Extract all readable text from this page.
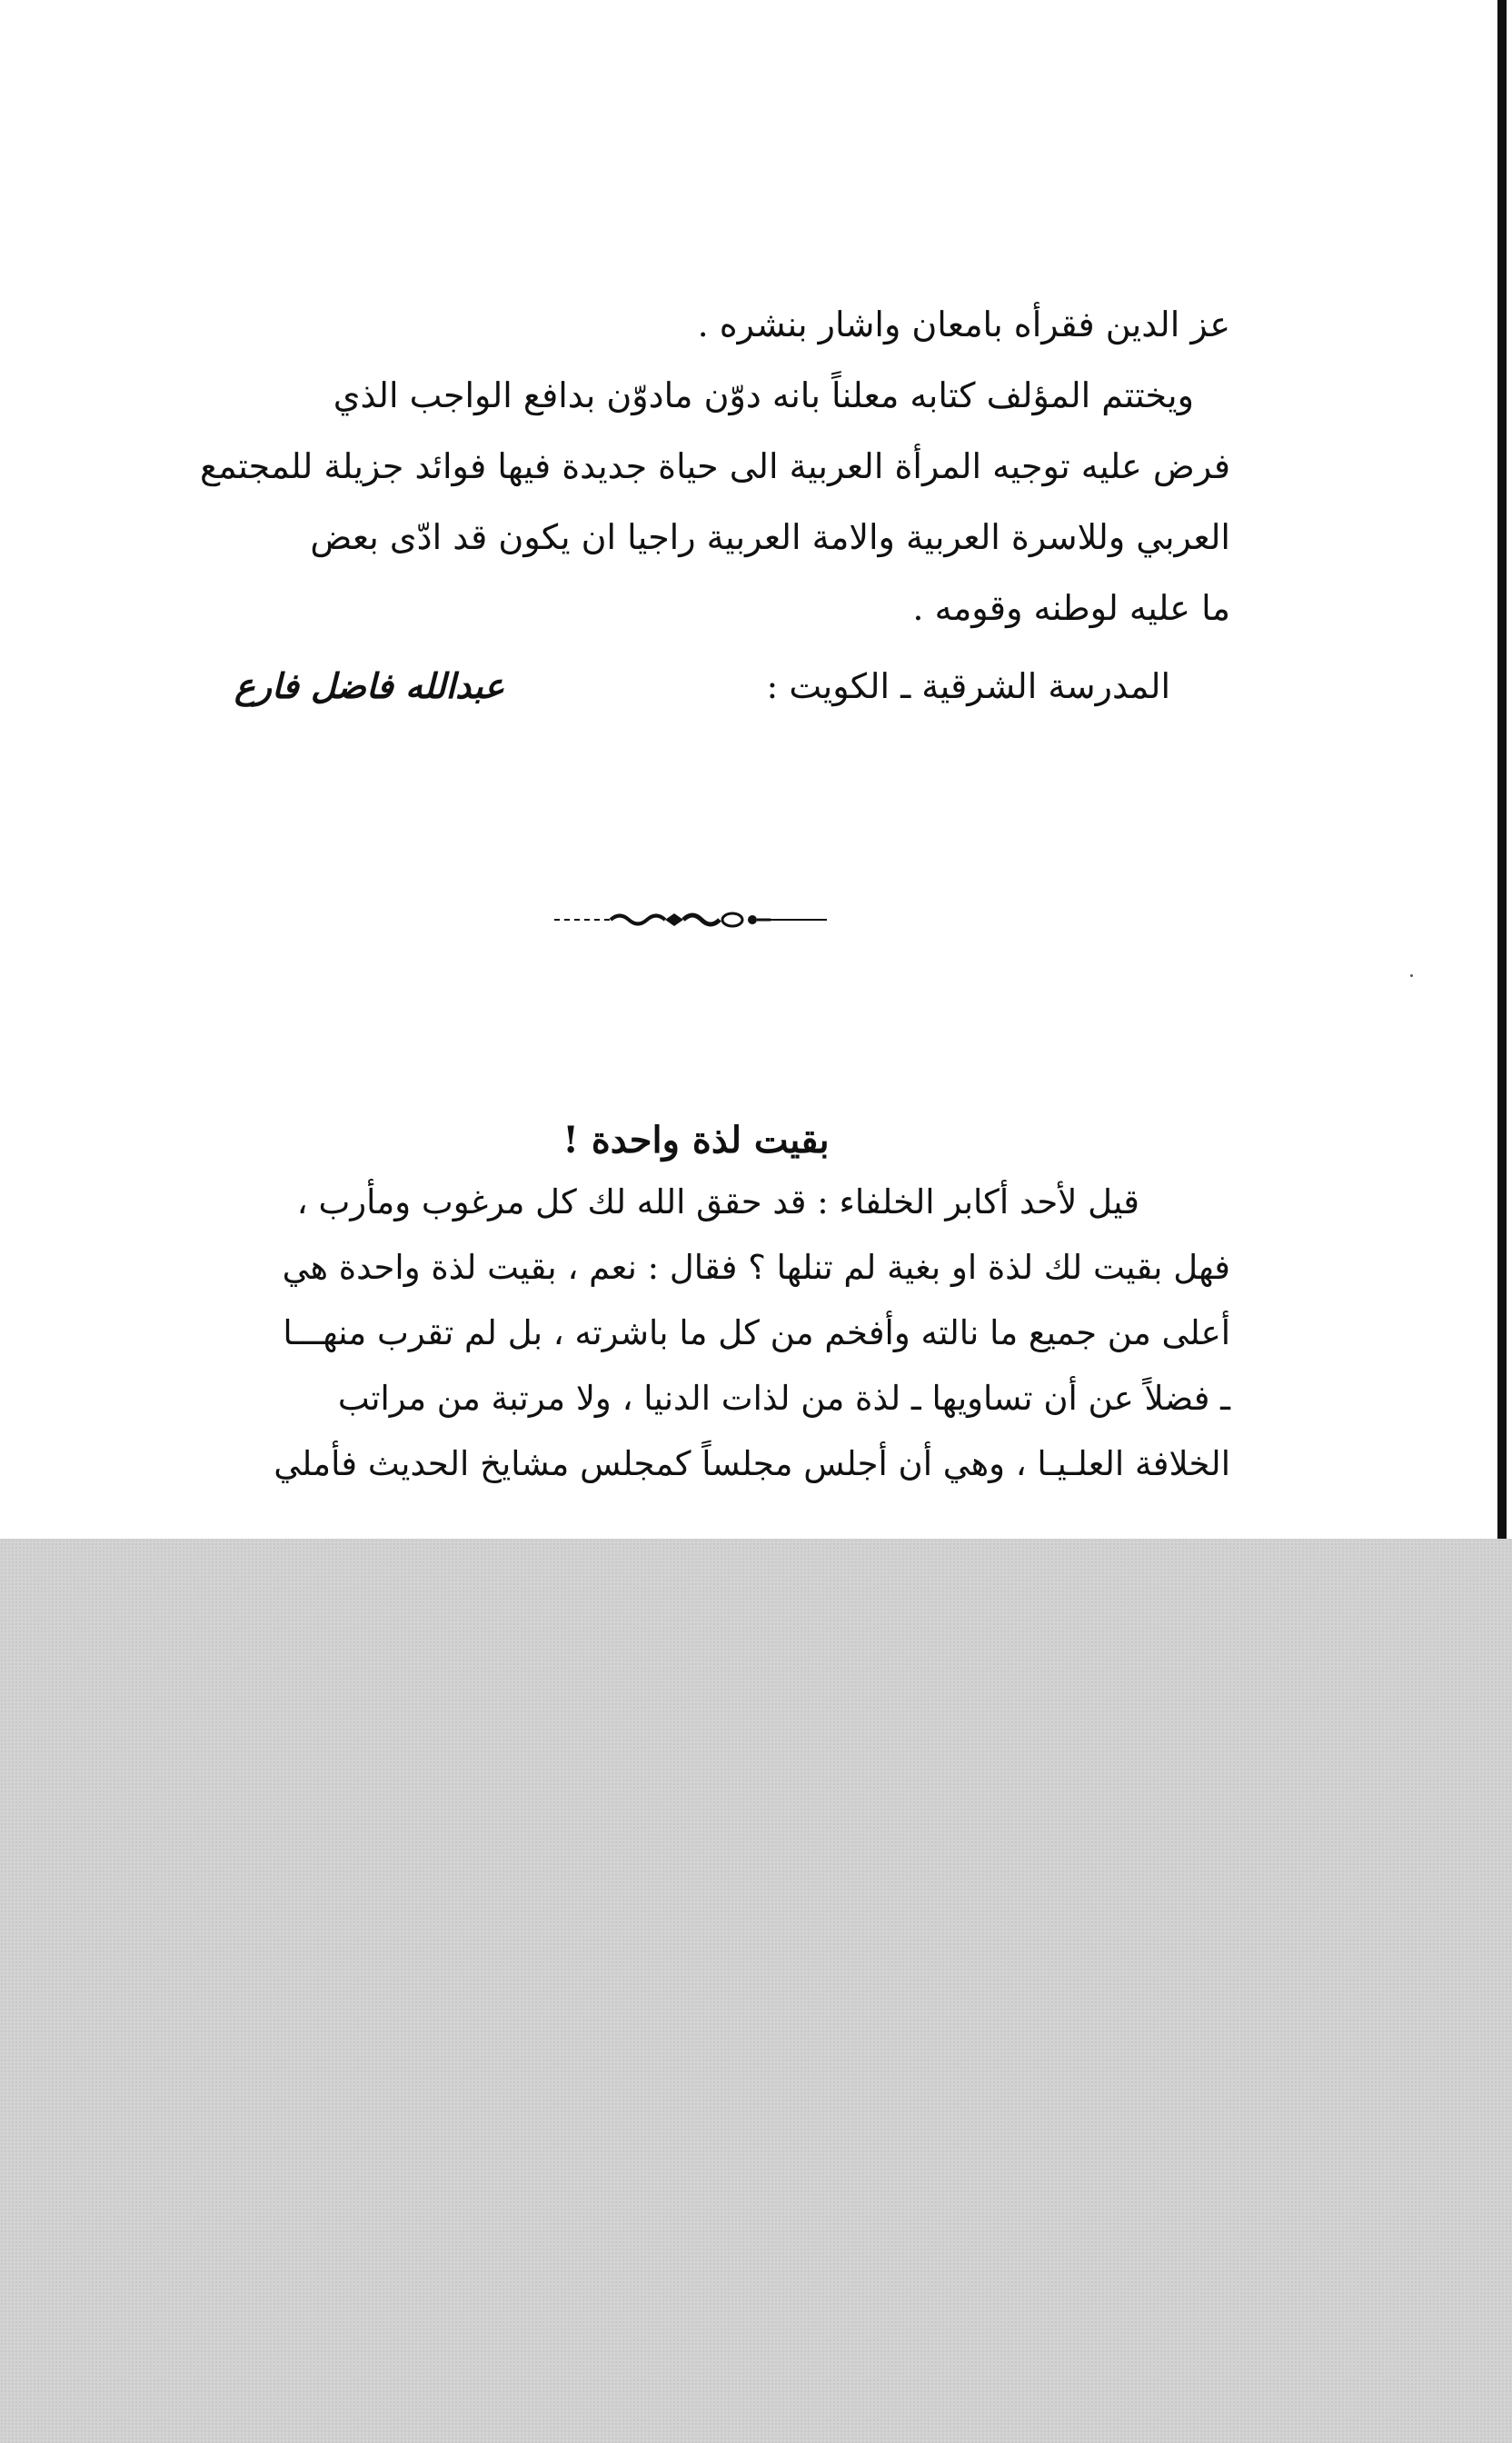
عز الدين فقرأه بامعان واشار بنشره .
ويختتم المؤلف كتابه معلناً بانه دوّن مادوّن بدافع الواجب الذي
فرض عليه توجيه المرأة العربية الى حياة جديدة فيها فوائد جزيلة للمجتمع
العربي وللاسرة العربية والامة العربية راجيا ان يكون قد ادّى بعض
ما عليه لوطنه وقومه .
المدرسة الشرقية ـ الكويت :
عبدالله فاضل فارع
بقيت لذة واحدة !
قيل لأحد أكابر الخلفاء : قد حقق الله لك كل مرغوب ومأرب ،
فهل بقيت لك لذة او بغية لم تنلها ؟ فقال : نعم ، بقيت لذة واحدة هي
أعلى من جميع ما نالته وأفخم من كل ما باشرته ، بل لم تقرب منهـــا
ـ فضلاً عن أن تساويها ـ لذة من لذات الدنيا ، ولا مرتبة من مراتب
الخلافة العلـيـا ، وهي أن أجلس مجلساً كمجلس مشايخ الحديث فأملي
